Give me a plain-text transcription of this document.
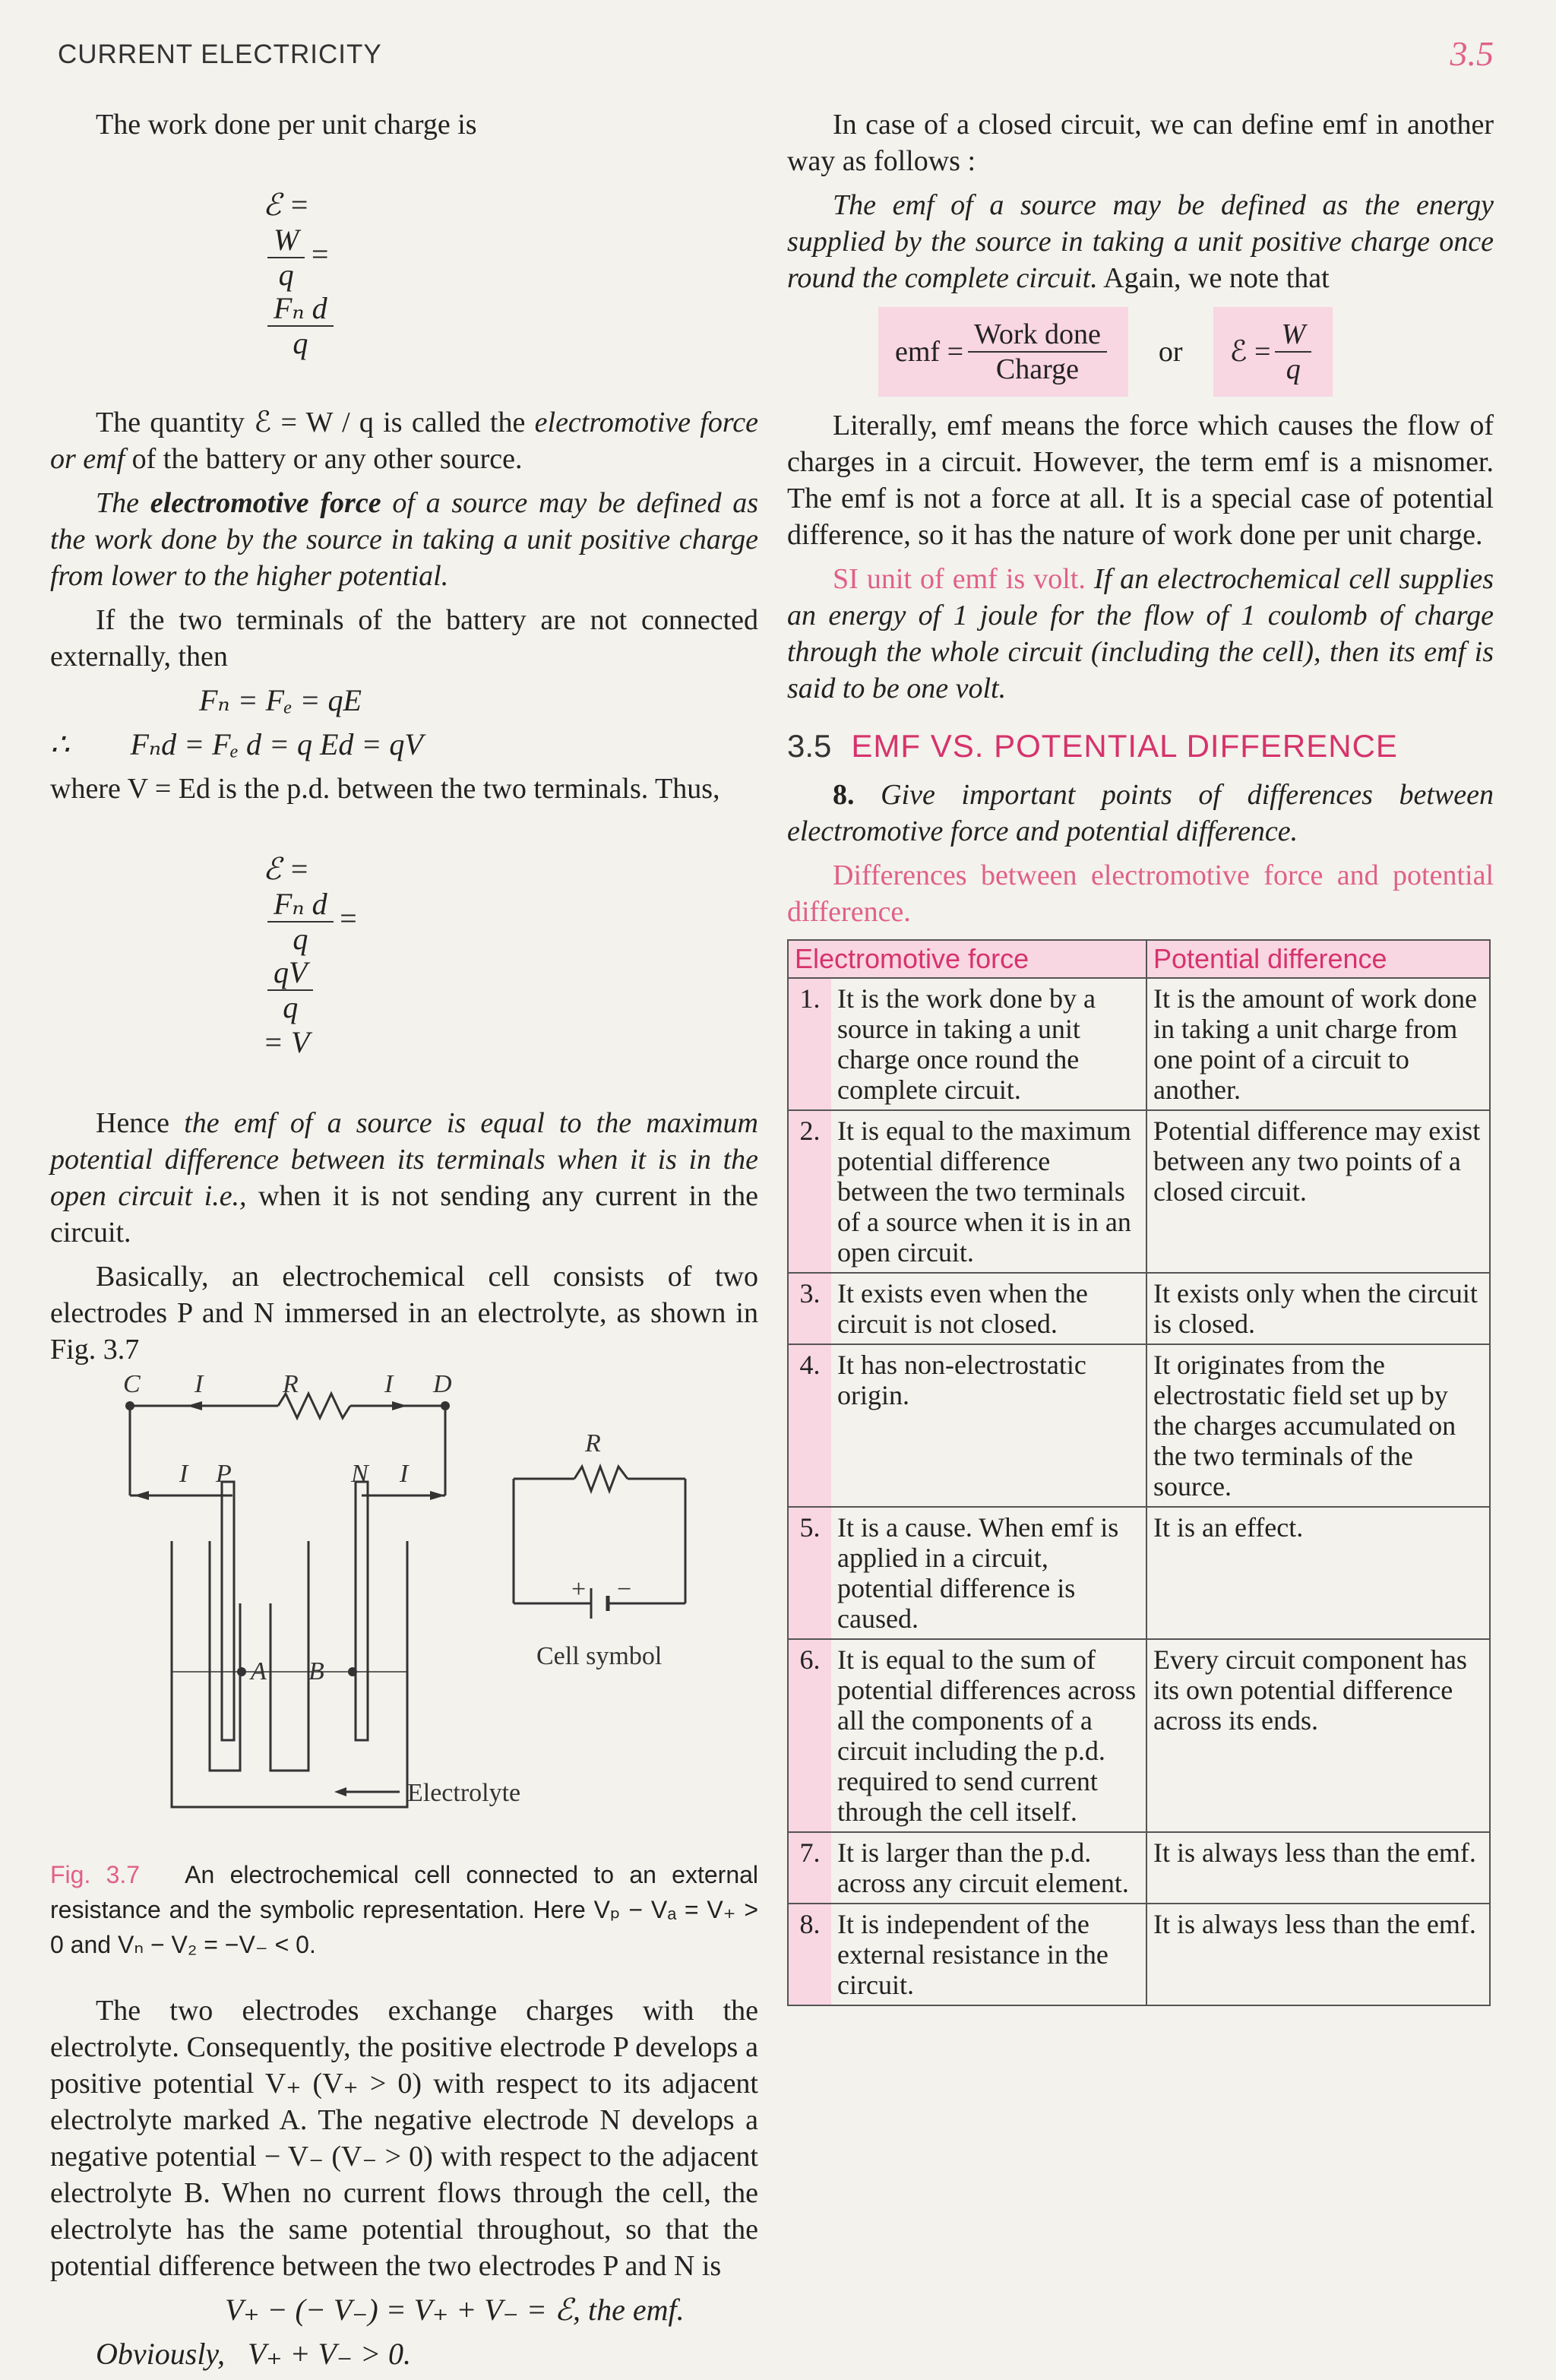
CURRENT ELECTRICITY	3.5

The work done per unit charge is

ℰ =

$\frac{W}{q}$ =

$\frac{\text{Fₙ d}}{q}$

The quantity ℰ = W / q is called the electromotive force or emf of the battery or any other source.

The electromotive force of a source may be defined as the work done by the source in taking a unit positive charge from lower to the higher potential.

If the two terminals of the battery are not connected externally, then

Fₙ = Fₑ = qE
∴        Fₙd = Fₑ d = q Ed = qV

where V = Ed is the p.d. between the two terminals. Thus,

ℰ =

$\frac{\text{Fₙ d}}{q}$ =

$\frac{qV}{q}$

= V

Hence the emf of a source is equal to the maximum potential difference between its terminals when it is in the open circuit i.e., when it is not sending any current in the circuit.

Basically, an electrochemical cell consists of two electrodes P and N immersed in an electrolyte, as shown in Fig. 3.7

C I	R	I D
I P	N I
A B
R
+ −
Cell symbol
Electrolyte
Fig. 3.7 An electrochemical cell connected to an external resistance and the symbolic representation. Here Vₚ − Vₐ = V₊ > 0 and Vₙ − V₂ = −V₋ < 0.

The two electrodes exchange charges with the electrolyte. Consequently, the positive electrode P develops a positive potential V₊ (V₊ > 0) with respect to its adjacent electrolyte marked A. The negative electrode N develops a negative potential − V₋ (V₋ > 0) with respect to the adjacent electrolyte B. When no current flows through the cell, the electrolyte has the same potential throughout, so that the potential difference between the two electrodes P and N is

V₊ − (− V₋) = V₊ + V₋ = ℰ, the emf.
Obviously,   V₊ + V₋ > 0.

In case of a closed circuit, we can define emf in another way as follows :

The emf of a source may be defined as the energy supplied by the source in taking a unit positive charge once round the complete circuit. Again, we note that

emf = $\frac{\text{Work done}}{\text{Charge}}$ or ℰ = $\frac{W}{q}$

Literally, emf means the force which causes the flow of charges in a circuit. However, the term emf is a misnomer. The emf is not a force at all. It is a special case of potential difference, so it has the nature of work done per unit charge.

SI unit of emf is volt. If an electrochemical cell supplies an energy of 1 joule for the flow of 1 coulomb of charge through the whole circuit (including the cell), then its emf is said to be one volt.

3.5 EMF VS. POTENTIAL DIFFERENCE

8. Give important points of differences between electromotive force and potential difference.

Differences between electromotive force and potential difference.

Electromotive force		Potential difference
1.	It is the work done by a source in taking a unit charge once round the complete circuit.	It is the amount of work done in taking a unit charge from one point of a circuit to another.
2.	It is equal to the maximum potential difference between the two terminals of a source when it is in an open circuit.	Potential difference may exist between any two points of a closed circuit.
3.	It exists even when the circuit is not closed.	It exists only when the circuit is closed.
4.	It has non-electrostatic origin.	It originates from the electrostatic field set up by the charges accumulated on the two terminals of the source.
5.	It is a cause. When emf is applied in a circuit, potential difference is caused.	It is an effect.
6.	It is equal to the sum of potential differences across all the components of a circuit including the p.d. required to send current through the cell itself.	Every circuit component has its own potential difference across its ends.
7.	It is larger than the p.d. across any circuit element.	It is always less than the emf.
8.	It is independent of the external resistance in the circuit.	It is always less than the emf.
